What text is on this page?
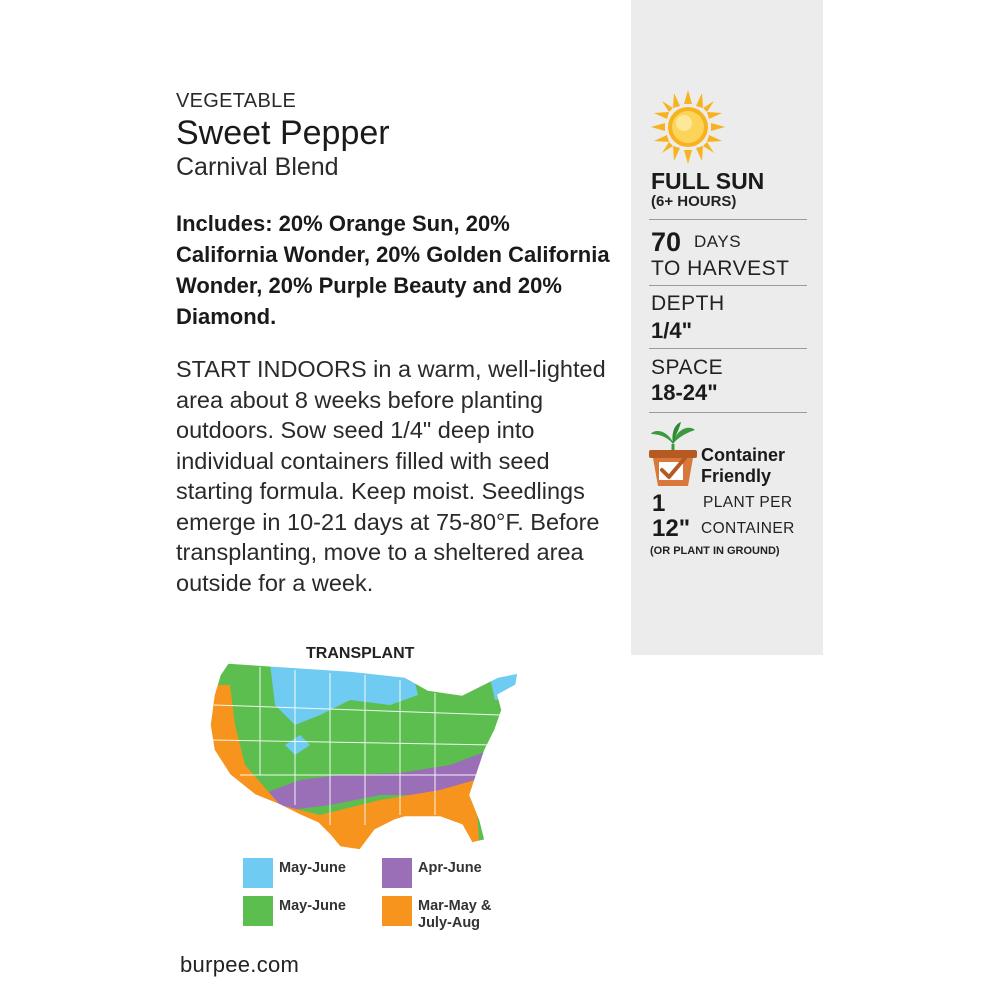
VEGETABLE
Sweet Pepper
Carnival Blend
Includes: 20% Orange Sun, 20% California Wonder, 20% Golden California Wonder, 20% Purple Beauty and 20% Diamond.
START INDOORS in a warm, well-lighted area about 8 weeks before planting outdoors. Sow seed 1/4" deep into individual containers filled with seed starting formula. Keep moist. Seedlings emerge in 10-21 days at 75-80°F. Before transplanting, move to a sheltered area outside for a week.
TRANSPLANT
May-June
May-June
Apr-June
Mar-May & July-Aug
burpee.com
FULL SUN
(6+ HOURS)
70 DAYS
TO HARVEST
DEPTH
1/4"
SPACE
18-24"
Container
Friendly
1 PLANT PER
12" CONTAINER
(OR PLANT IN GROUND)
